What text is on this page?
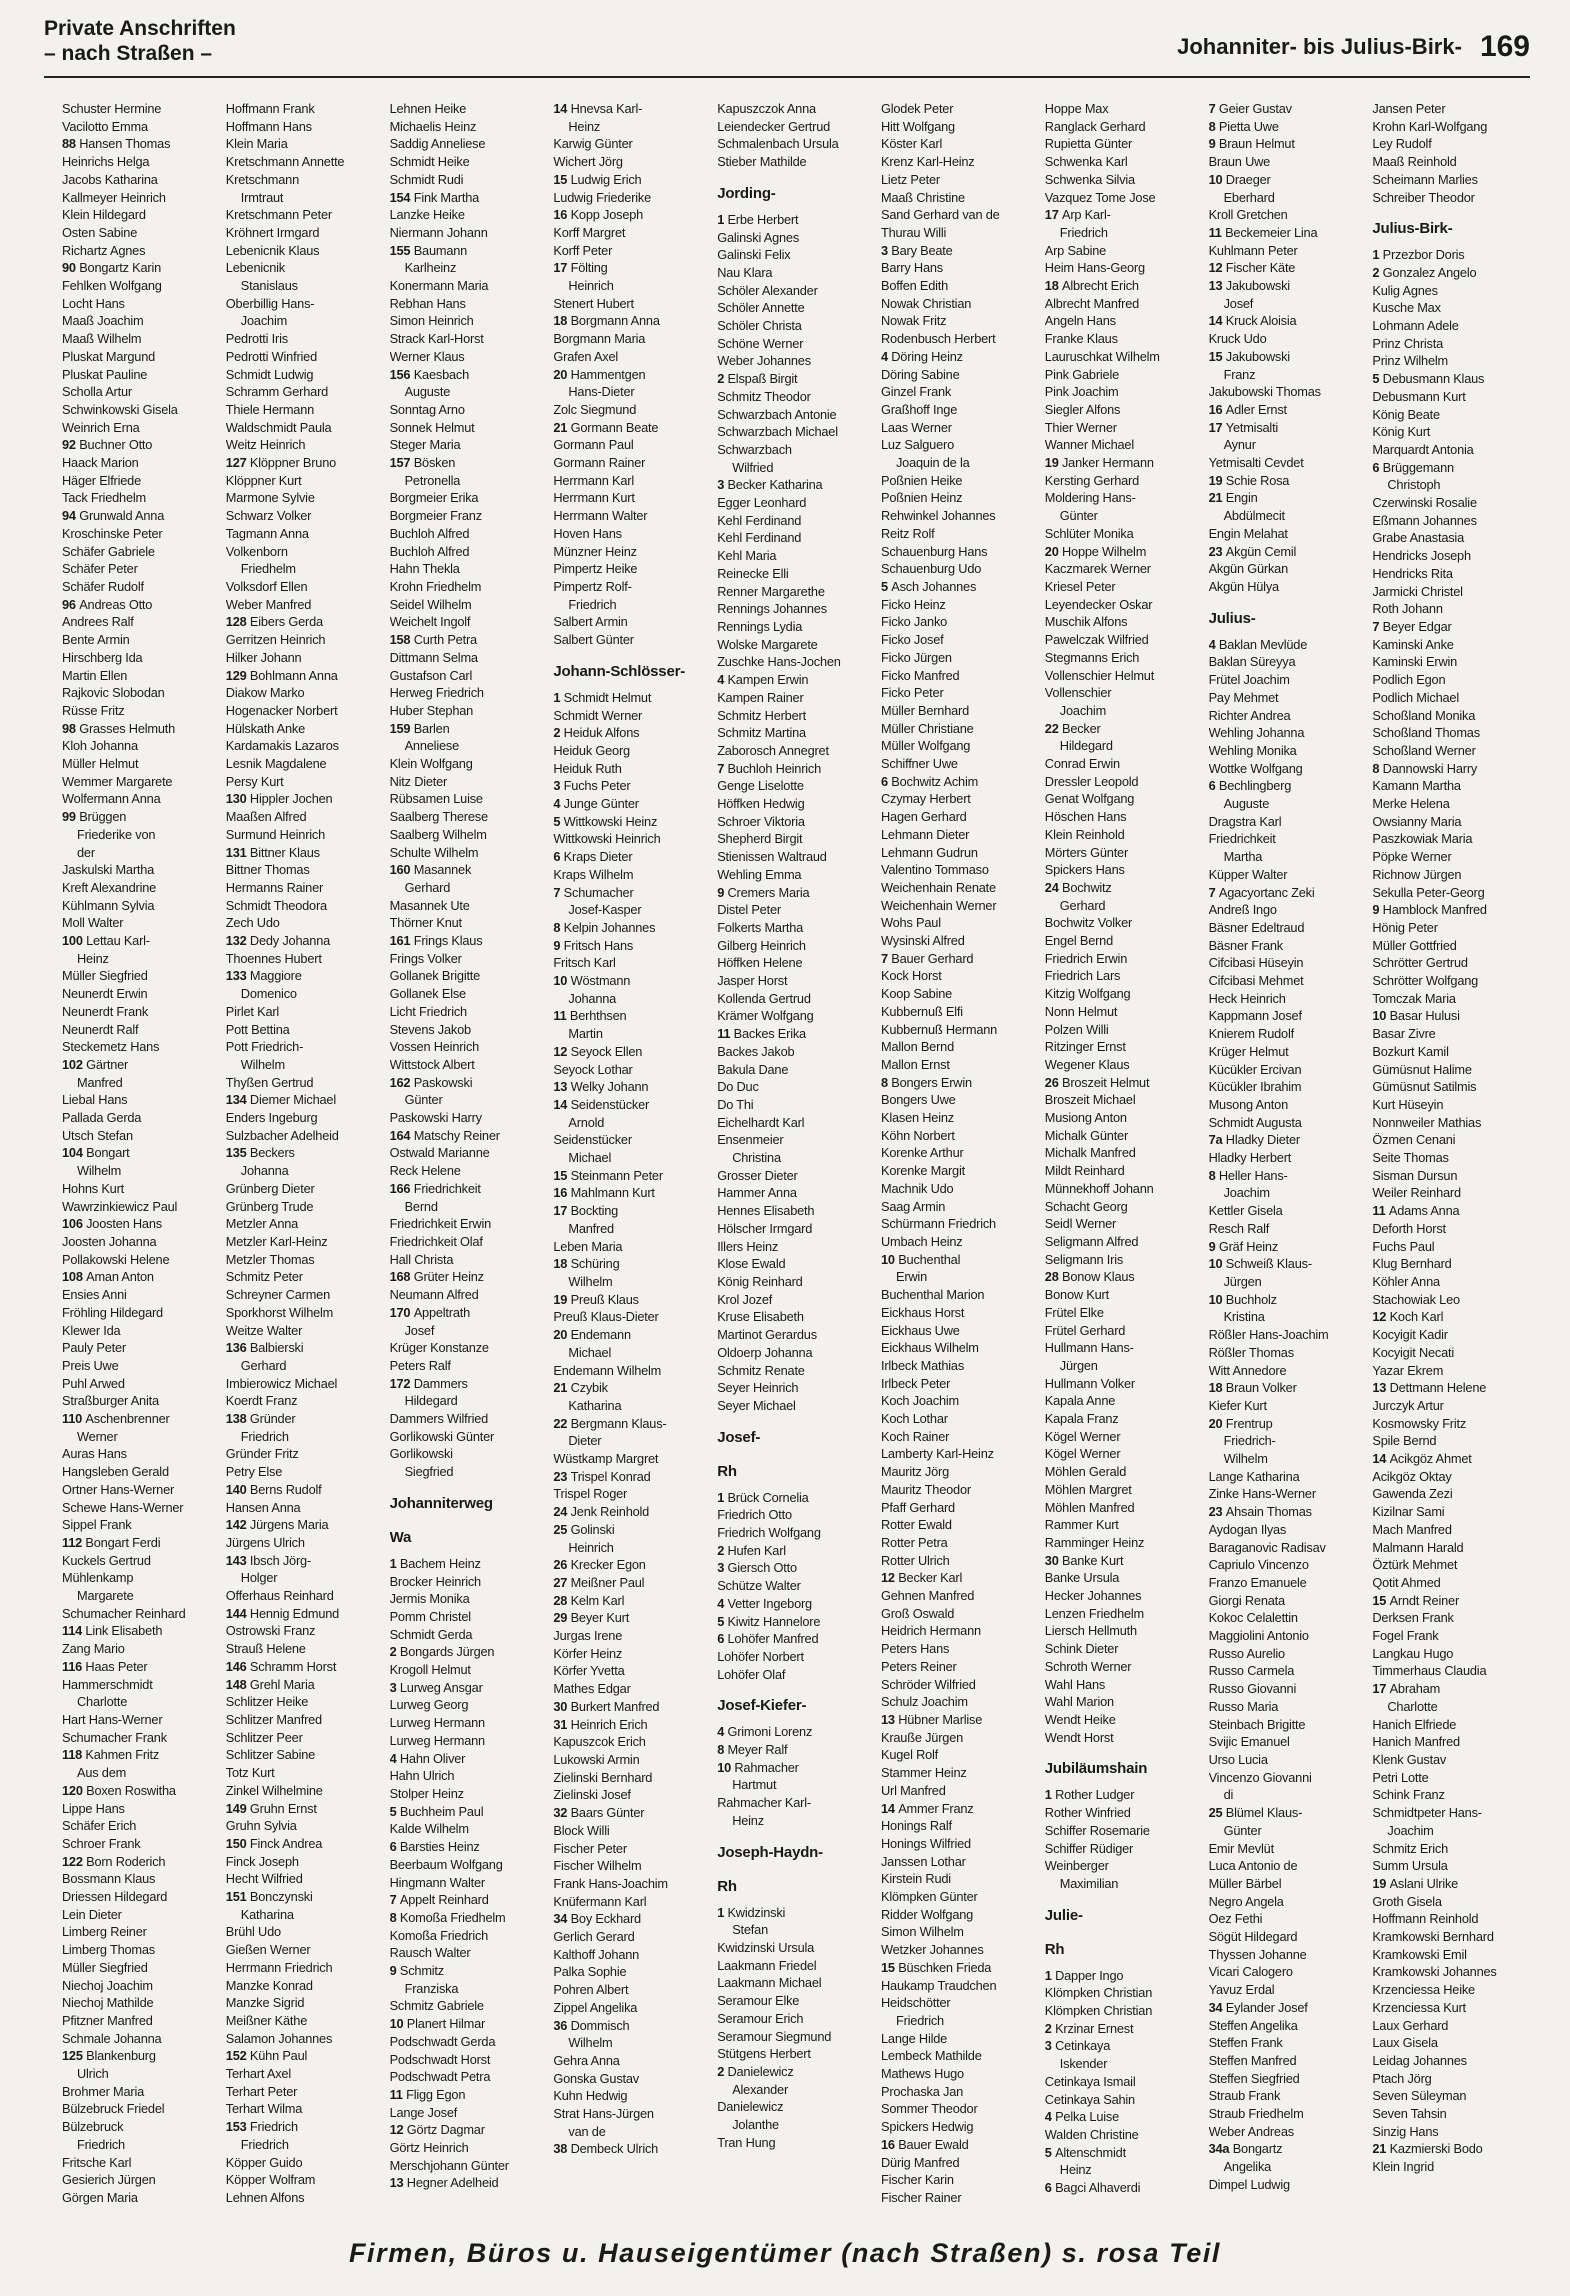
Private Anschriften
– nach Straßen –	Johanniter- bis Julius-Birk- 169
Schuster Hermine
Vacilotto Emma
88 Hansen Thomas
Heinrichs Helga
Jacobs Katharina
Kallmeyer Heinrich
Klein Hildegard
Osten Sabine
Richartz Agnes
90 Bongartz Karin
Fehlken Wolfgang
Locht Hans
Maaß Joachim
Maaß Wilhelm
Pluskat Margund
Pluskat Pauline
Scholla Artur
Schwinkowski Gisela
Weinrich Erna
92 Buchner Otto
Haack Marion
Häger Elfriede
Tack Friedhelm
94 Grunwald Anna
Kroschinske Peter
Schäfer Gabriele
Schäfer Peter
Schäfer Rudolf
96 Andreas Otto
Andrees Ralf
Bente Armin
Hirschberg Ida
Martin Ellen
Rajkovic Slobodan
Rüsse Fritz
98 Grasses Helmuth
Kloh Johanna
Müller Helmut
Wemmer Margarete
Wolfermann Anna
99 Brüggen
Friederike von
der
Jaskulski Martha
Kreft Alexandrine
Kühlmann Sylvia
Moll Walter
100 Lettau Karl-
Heinz
Müller Siegfried
Neunerdt Erwin
Neunerdt Frank
Neunerdt Ralf
Steckemetz Hans
102 Gärtner
Manfred
Liebal Hans
Palladа Gerda
Utsch Stefan
104 Bongart
Wilhelm
Hohns Kurt
Wawrzinkiewicz Paul
106 Joosten Hans
Joosten Johanna
Pollakowski Helene
108 Aman Anton
Ensies Anni
Fröhling Hildegard
Klewer Ida
Pauly Peter
Preis Uwe
Puhl Arwed
Straßburger Anita
110 Aschenbrenner
Werner
Auras Hans
Hangsleben Gerald
Ortner Hans-Werner
Schewe Hans-Werner
Sippel Frank
112 Bongart Ferdi
Kuckels Gertrud
Mühlenkamp
Margarete
Schumacher Reinhard
114 Link Elisabeth
Zang Mario
116 Haas Peter
Hammerschmidt
Charlotte
Hart Hans-Werner
Schumacher Frank
118 Kahmen Fritz
Aus dem
120 Boxen Roswitha
Lippe Hans
Schäfer Erich
Schroer Frank
122 Born Roderich
Bossmann Klaus
Driessen Hildegard
Lein Dieter
Limberg Reiner
Limberg Thomas
Müller Siegfried
Niechoj Joachim
Niechoj Mathilde
Pfitzner Manfred
Schmale Johanna
125 Blankenburg
Ulrich
Brohmer Maria
Bülzebruck Friedel
Bülzebruck
Friedrich
Fritsche Karl
Gesierich Jürgen
Görgen Maria
Hoffmann Frank
Hoffmann Hans
Klein Maria
Kretschmann Annette
Kretschmann
Irmtraut
Kretschmann Peter
Kröhnert Irmgard
Lebenicnik Klaus
Lebenicnik
Stanislaus
Oberbillig Hans-
Joachim
Pedrotti Iris
Pedrotti Winfried
Schmidt Ludwig
Schramm Gerhard
Thiele Hermann
Waldschmidt Paula
Weitz Heinrich
127 Klöppner Bruno
Klöppner Kurt
Marmone Sylvie
Schwarz Volker
Tagmann Anna
Volkenborn
Friedhelm
Volksdorf Ellen
Weber Manfred
128 Eibers Gerda
Gerritzen Heinrich
Hilker Johann
129 Bohlmann Anna
Diakow Marko
Hogenacker Norbert
Hülskath Anke
Kardamakis Lazaros
Lesnik Magdalene
Persy Kurt
130 Hippler Jochen
Maaßen Alfred
Surmund Heinrich
131 Bittner Klaus
Bittner Thomas
Hermanns Rainer
Schmidt Theodora
Zech Udo
132 Dedy Johanna
Thoennes Hubert
133 Maggiore
Domenico
Pirlet Karl
Pott Bettina
Pott Friedrich-
Wilhelm
Thyßen Gertrud
134 Diemer Michael
Enders Ingeburg
Sulzbacher Adelheid
135 Beckers
Johanna
Grünberg Dieter
Grünberg Trude
Metzler Anna
Metzler Karl-Heinz
Metzler Thomas
Schmitz Peter
Schreyner Carmen
Sporkhorst Wilhelm
Weitze Walter
136 Balbierski
Gerhard
Imbierowicz Michael
Koerdt Franz
138 Gründer
Friedrich
Gründer Fritz
Petry Else
140 Berns Rudolf
Hansen Anna
142 Jürgens Maria
Jürgens Ulrich
143 Ibsch Jörg-
Holger
Offerhaus Reinhard
144 Hennig Edmund
Ostrowski Franz
Strauß Helene
146 Schramm Horst
148 Grehl Maria
Schlitzer Heike
Schlitzer Manfred
Schlitzer Peer
Schlitzer Sabine
Totz Kurt
Zinkel Wilhelmine
149 Gruhn Ernst
Gruhn Sylvia
150 Finck Andrea
Finck Joseph
Hecht Wilfried
151 Bonczynski
Katharina
Brühl Udo
Gießen Werner
Herrmann Friedrich
Manzke Konrad
Manzke Sigrid
Meißner Käthe
Salamon Johannes
152 Kühn Paul
Terhart Axel
Terhart Peter
Terhart Wilma
153 Friedrich
Friedrich
Köpper Guido
Köpper Wolfram
Lehnen Alfons
Lehnen Heike
Michaelis Heinz
Saddig Anneliese
Schmidt Heike
Schmidt Rudi
154 Fink Martha
Lanzke Heike
Niermann Johann
155 Baumann
Karlheinz
Konermann Maria
Rebhan Hans
Simon Heinrich
Strack Karl-Horst
Werner Klaus
156 Kaesbach
Auguste
Sonntag Arno
Sonnek Helmut
Steger Maria
157 Bösken
Petronella
Borgmeier Erika
Borgmeier Franz
Buchloh Alfred
Buchloh Alfred
Hahn Thekla
Krohn Friedhelm
Seidel Wilhelm
Weichelt Ingolf
158 Curth Petra
Dittmann Selma
Gustafson Carl
Herweg Friedrich
Huber Stephan
159 Barlen
Anneliese
Klein Wolfgang
Nitz Dieter
Rübsamen Luise
Saalberg Therese
Saalberg Wilhelm
Schulte Wilhelm
160 Masannek
Gerhard
Masannek Ute
Thörner Knut
161 Frings Klaus
Frings Volker
Gollanek Brigitte
Gollanek Else
Licht Friedrich
Stevens Jakob
Vossen Heinrich
Wittstock Albert
162 Paskowski
Günter
Paskowski Harry
164 Matschy Reiner
Ostwald Marianne
Reck Helene
166 Friedrichkeit
Bernd
Friedrichkeit Erwin
Friedrichkeit Olaf
Hall Christa
168 Grüter Heinz
Neumann Alfred
170 Appeltrath
Josef
Krüger Konstanze
Peters Ralf
172 Dammers
Hildegard
Dammers Wilfried
Gorlikowski Günter
Gorlikowski
Siegfried
Johanniterweg
Wa
1 Bachem Heinz
Brocker Heinrich
Jermis Monika
Pomm Christel
Schmidt Gerda
2 Bongards Jürgen
Krogoll Helmut
3 Lurweg Ansgar
Lurweg Georg
Lurweg Hermann
Lurweg Hermann
4 Hahn Oliver
Hahn Ulrich
Stolper Heinz
5 Buchheim Paul
Kalde Wilhelm
6 Barsties Heinz
Beerbaum Wolfgang
Hingmann Walter
7 Appelt Reinhard
8 Komoßa Friedhelm
Komoßa Friedrich
Rausch Walter
9 Schmitz
Franziska
Schmitz Gabriele
10 Planert Hilmar
Podschwadt Gerda
Podschwadt Horst
Podschwadt Petra
11 Fligg Egon
Lange Josef
12 Görtz Dagmar
Görtz Heinrich
Merschjohann Günter
13 Hegner Adelheid
14 Hnevsa Karl-
Heinz
Karwig Günter
Wichert Jörg
15 Ludwig Erich
Ludwig Friederike
16 Kopp Joseph
Korff Margret
Korff Peter
17 Fölting
Heinrich
Stenert Hubert
18 Borgmann Anna
Borgmann Maria
Grafen Axel
20 Hammentgen
Hans-Dieter
Zolc Siegmund
21 Gormann Beate
Gormann Paul
Gormann Rainer
Herrmann Karl
Herrmann Kurt
Herrmann Walter
Hoven Hans
Münzner Heinz
Pimpertz Heike
Pimpertz Rolf-
Friedrich
Salbert Armin
Salbert Günter
Johann-Schlösser-
1 Schmidt Helmut
Schmidt Werner
2 Heiduk Alfons
Heiduk Georg
Heiduk Ruth
3 Fuchs Peter
4 Junge Günter
5 Wittkowski Heinz
Wittkowski Heinrich
6 Kraps Dieter
Kraps Wilhelm
7 Schumacher
Josef-Kasper
8 Kelpin Johannes
9 Fritsch Hans
Fritsch Karl
10 Wöstmann
Johanna
11 Berhthsen
Martin
12 Seyock Ellen
Seyock Lothar
13 Welky Johann
14 Seidenstücker
Arnold
Seidenstücker
Michael
15 Steinmann Peter
16 Mahlmann Kurt
17 Bockting
Manfred
Leben Maria
18 Schüring
Wilhelm
19 Preuß Klaus
Preuß Klaus-Dieter
20 Endemann
Michael
Endemann Wilhelm
21 Czybik
Katharina
22 Bergmann Klaus-
Dieter
Wüstkamp Margret
23 Trispel Konrad
Trispel Roger
24 Jenk Reinhold
25 Golinski
Heinrich
26 Krecker Egon
27 Meißner Paul
28 Kelm Karl
29 Beyer Kurt
Jurgas Irene
Körfer Heinz
Körfer Yvetta
Mathes Edgar
30 Burkert Manfred
31 Heinrich Erich
Kapuszcok Erich
Lukowski Armin
Zielinski Bernhard
Zielinski Josef
32 Baars Günter
Block Willi
Fischer Peter
Fischer Wilhelm
Frank Hans-Joachim
Knüfermann Karl
34 Boy Eckhard
Gerlich Gerard
Kalthoff Johann
Palka Sophie
Pohren Albert
Zippel Angelika
36 Dommisch
Wilhelm
Gehra Anna
Gonska Gustav
Kuhn Hedwig
Strat Hans-Jürgen
van de
38 Dembeck Ulrich
Kapuszczok Anna
Leiendecker Gertrud
Schmalenbach Ursula
Stieber Mathilde
Jording-
1 Erbe Herbert
Galinski Agnes
Galinski Felix
Nau Klara
Schöler Alexander
Schöler Annette
Schöler Christa
Schöne Werner
Weber Johannes
2 Elspaß Birgit
Schmitz Theodor
Schwarzbach Antonie
Schwarzbach Michael
Schwarzbach
Wilfried
3 Becker Katharina
Egger Leonhard
Kehl Ferdinand
Kehl Ferdinand
Kehl Maria
Reinecke Elli
Renner Margarethe
Rennings Johannes
Rennings Lydia
Wolske Margarete
Zuschke Hans-Jochen
4 Kampen Erwin
Kampen Rainer
Schmitz Herbert
Schmitz Martina
Zaborosch Annegret
7 Buchloh Heinrich
Genge Liselotte
Höffken Hedwig
Schroer Viktoria
Shepherd Birgit
Stienissen Waltraud
Wehling Emma
9 Cremers Maria
Distel Peter
Folkerts Martha
Gilberg Heinrich
Höffken Helene
Jasper Horst
Kollenda Gertrud
Krämer Wolfgang
11 Backes Erika
Backes Jakob
Bakula Dane
Do Duc
Do Thi
Eichelhardt Karl
Ensenmeier
Christina
Grosser Dieter
Hammer Anna
Hennes Elisabeth
Hölscher Irmgard
Illers Heinz
Klose Ewald
König Reinhard
Krol Jozef
Kruse Elisabeth
Martinot Gerardus
Oldoerp Johanna
Schmitz Renate
Seyer Heinrich
Seyer Michael
Josef-
Rh
1 Brück Cornelia
Friedrich Otto
Friedrich Wolfgang
2 Hufen Karl
3 Giersch Otto
Schütze Walter
4 Vetter Ingeborg
5 Kiwitz Hannelore
6 Lohöfer Manfred
Lohöfer Norbert
Lohöfer Olaf
Josef-Kiefer-
4 Grimoni Lorenz
8 Meyer Ralf
10 Rahmacher
Hartmut
Rahmacher Karl-
Heinz
Joseph-Haydn-
Rh
1 Kwidzinski
Stefan
Kwidzinski Ursula
Laakmann Friedel
Laakmann Michael
Seramour Elke
Seramour Erich
Seramour Siegmund
Stütgens Herbert
2 Danielewicz
Alexander
Danielewicz
Jolanthe
Tran Hung
Glodek Peter
Hitt Wolfgang
Köster Karl
Krenz Karl-Heinz
Lietz Peter
Maaß Christine
Sand Gerhard van de
Thurau Willi
3 Bary Beate
Barry Hans
Boffen Edith
Nowak Christian
Nowak Fritz
Rodenbusch Herbert
4 Döring Heinz
Döring Sabine
Ginzel Frank
Graßhoff Inge
Laas Werner
Luz Salguero
Joaquin de la
Poßnien Heike
Poßnien Heinz
Rehwinkel Johannes
Reitz Rolf
Schauenburg Hans
Schauenburg Udo
5 Asch Johannes
Ficko Heinz
Ficko Janko
Ficko Josef
Ficko Jürgen
Ficko Manfred
Ficko Peter
Müller Bernhard
Müller Christiane
Müller Wolfgang
Schiffner Uwe
6 Bochwitz Achim
Czymay Herbert
Hagen Gerhard
Lehmann Dieter
Lehmann Gudrun
Valentino Tommaso
Weichenhain Renate
Weichenhain Werner
Wohs Paul
Wysinski Alfred
7 Bauer Gerhard
Kock Horst
Koop Sabine
Kubbernuß Elfi
Kubbernuß Hermann
Mallon Bernd
Mallon Ernst
8 Bongers Erwin
Bongers Uwe
Klasen Heinz
Köhn Norbert
Korenke Arthur
Korenke Margit
Machnik Udo
Saag Armin
Schürmann Friedrich
Umbach Heinz
10 Buchenthal
Erwin
Buchenthal Marion
Eickhaus Horst
Eickhaus Uwe
Eickhaus Wilhelm
Irlbeck Mathias
Irlbeck Peter
Koch Joachim
Koch Lothar
Koch Rainer
Lamberty Karl-Heinz
Mauritz Jörg
Mauritz Theodor
Pfaff Gerhard
Rotter Ewald
Rotter Petra
Rotter Ulrich
12 Becker Karl
Gehnen Manfred
Groß Oswald
Heidrich Hermann
Peters Hans
Peters Reiner
Schröder Wilfried
Schulz Joachim
13 Hübner Marlise
Krauße Jürgen
Kugel Rolf
Stammer Heinz
Url Manfred
14 Ammer Franz
Honings Ralf
Honings Wilfried
Janssen Lothar
Kirstein Rudi
Klömpken Günter
Ridder Wolfgang
Simon Wilhelm
Wetzker Johannes
15 Büschken Frieda
Haukamp Traudchen
Heidschötter
Friedrich
Lange Hilde
Lembeck Mathilde
Mathews Hugo
Prochaska Jan
Sommer Theodor
Spickers Hedwig
16 Bauer Ewald
Dürig Manfred
Fischer Karin
Fischer Rainer
Hoppe Max
Ranglack Gerhard
Rupietta Günter
Schwenka Karl
Schwenka Silvia
Vazquez Tome Jose
17 Arp Karl-
Friedrich
Arp Sabine
Heim Hans-Georg
18 Albrecht Erich
Albrecht Manfred
Angeln Hans
Franke Klaus
Lauruschkat Wilhelm
Pink Gabriele
Pink Joachim
Siegler Alfons
Thier Werner
Wanner Michael
19 Janker Hermann
Kersting Gerhard
Moldering Hans-
Günter
Schlüter Monika
20 Hoppe Wilhelm
Kaczmarek Werner
Kriesel Peter
Leyendecker Oskar
Muschik Alfons
Pawelczak Wilfried
Stegmanns Erich
Vollenschier Helmut
Vollenschier
Joachim
22 Becker
Hildegard
Conrad Erwin
Dressler Leopold
Genat Wolfgang
Höschen Hans
Klein Reinhold
Mörters Günter
Spickers Hans
24 Bochwitz
Gerhard
Bochwitz Volker
Engel Bernd
Friedrich Erwin
Friedrich Lars
Kitzig Wolfgang
Nonn Helmut
Polzen Willi
Ritzinger Ernst
Wegener Klaus
26 Broszeit Helmut
Broszeit Michael
Musiong Anton
Michalk Günter
Michalk Manfred
Mildt Reinhard
Münnekhoff Johann
Schacht Georg
Seidl Werner
Seligmann Alfred
Seligmann Iris
28 Bonow Klaus
Bonow Kurt
Frütel Elke
Frütel Gerhard
Hullmann Hans-
Jürgen
Hullmann Volker
Kapala Anne
Kapala Franz
Kögel Werner
Kögel Werner
Möhlen Gerald
Möhlen Margret
Möhlen Manfred
Rammer Kurt
Ramminger Heinz
30 Banke Kurt
Banke Ursula
Hecker Johannes
Lenzen Friedhelm
Liersch Hellmuth
Schink Dieter
Schroth Werner
Wahl Hans
Wahl Marion
Wendt Heike
Wendt Horst
Jubiläumshain
1 Rother Ludger
Rother Winfried
Schiffer Rosemarie
Schiffer Rüdiger
Weinberger
Maximilian
Julie-
Rh
1 Dapper Ingo
Klömpken Christian
Klömpken Christian
2 Krzinar Ernest
3 Cetinkaya
Iskender
Cetinkaya Ismail
Cetinkaya Sahin
4 Pelka Luise
Walden Christine
5 Altenschmidt
Heinz
6 Bagci Alhaverdi
7 Geier Gustav
8 Pietta Uwe
9 Braun Helmut
Braun Uwe
10 Draeger
Eberhard
Kroll Gretchen
11 Beckemeier Lina
Kuhlmann Peter
12 Fischer Käte
13 Jakubowski
Josef
14 Kruck Aloisia
Kruck Udo
15 Jakubowski
Franz
Jakubowski Thomas
16 Adler Ernst
17 Yetmisalti
Aynur
Yetmisalti Cevdet
19 Schie Rosa
21 Engin
Abdülmecit
Engin Melahat
23 Akgün Cemil
Akgün Gürkan
Akgün Hülya
Julius-
4 Baklan Mevlüde
Baklan Süreyya
Frütel Joachim
Pay Mehmet
Richter Andrea
Wehling Johanna
Wehling Monika
Wottke Wolfgang
6 Bechlingberg
Auguste
Dragstra Karl
Friedrichkeit
Martha
Küpper Walter
7 Agacyortanc Zeki
Andreß Ingo
Bäsner Edeltraud
Bäsner Frank
Cifcibasi Hüseyin
Cifcibasi Mehmet
Heck Heinrich
Kappmann Josef
Knierem Rudolf
Krüger Helmut
Kücükler Ercivan
Kücükler Ibrahim
Musong Anton
Schmidt Augusta
7a Hladky Dieter
Hladky Herbert
8 Heller Hans-
Joachim
Kettler Gisela
Resch Ralf
9 Gräf Heinz
10 Schweiß Klaus-
Jürgen
10 Buchholz
Kristina
Rößler Hans-Joachim
Rößler Thomas
Witt Annedore
18 Braun Volker
Kiefer Kurt
20 Frentrup
Friedrich-
Wilhelm
Lange Katharina
Zinke Hans-Werner
23 Ahsain Thomas
Aydogan Ilyas
Baraganovic Radisav
Capriulo Vincenzo
Franzo Emanuele
Giorgi Renata
Kokoc Celalettin
Maggiolini Antonio
Russo Aurelio
Russo Carmela
Russo Giovanni
Russo Maria
Steinbach Brigitte
Svijic Emanuel
Urso Lucia
Vincenzo Giovanni
di
25 Blümel Klaus-
Günter
Emir Mevlüt
Luca Antonio de
Müller Bärbel
Negro Angela
Oez Fethi
Sögüt Hildegard
Thyssen Johanne
Vicari Calogero
Yavuz Erdal
34 Eylander Josef
Steffen Angelika
Steffen Frank
Steffen Manfred
Steffen Siegfried
Straub Frank
Straub Friedhelm
Weber Andreas
34a Bongartz
Angelika
Dimpel Ludwig
Jansen Peter
Krohn Karl-Wolfgang
Ley Rudolf
Maaß Reinhold
Scheimann Marlies
Schreiber Theodor
Julius-Birk-
1 Przezbor Doris
2 Gonzalez Angelo
Kulig Agnes
Kusche Max
Lohmann Adele
Prinz Christa
Prinz Wilhelm
5 Debusmann Klaus
Debusmann Kurt
König Beate
König Kurt
Marquardt Antonia
6 Brüggemann
Christoph
Czerwinski Rosalie
Eßmann Johannes
Grabe Anastasia
Hendricks Joseph
Hendricks Rita
Jarmicki Christel
Roth Johann
7 Beyer Edgar
Kaminski Anke
Kaminski Erwin
Podlich Egon
Podlich Michael
Schoßland Monika
Schoßland Thomas
Schoßland Werner
8 Dannowski Harry
Kamann Martha
Merke Helena
Owsianny Maria
Paszkowiak Maria
Pöpke Werner
Richnow Jürgen
Sekulla Peter-Georg
9 Hamblock Manfred
Hönig Peter
Müller Gottfried
Schrötter Gertrud
Schrötter Wolfgang
Tomczak Maria
10 Basar Hulusi
Basar Zivre
Bozkurt Kamil
Gümüsnut Halime
Gümüsnut Satilmis
Kurt Hüseyin
Nonnweiler Mathias
Özmen Cenani
Seite Thomas
Sisman Dursun
Weiler Reinhard
11 Adams Anna
Deforth Horst
Fuchs Paul
Klug Bernhard
Köhler Anna
Stachowiak Leo
12 Koch Karl
Kocyigit Kadir
Kocyigit Necati
Yazar Ekrem
13 Dettmann Helene
Jurczyk Artur
Kosmowsky Fritz
Spile Bernd
14 Acikgöz Ahmet
Acikgöz Oktay
Gawenda Zezi
Kizilnar Sami
Mach Manfred
Malmann Harald
Öztürk Mehmet
Qotit Ahmed
15 Arndt Reiner
Derksen Frank
Fogel Frank
Langkau Hugo
Timmerhaus Claudia
17 Abraham
Charlotte
Hanich Elfriede
Hanich Manfred
Klenk Gustav
Petri Lotte
Schink Franz
Schmidtpeter Hans-
Joachim
Schmitz Erich
Summ Ursula
19 Aslani Ulrike
Groth Gisela
Hoffmann Reinhold
Kramkowski Bernhard
Kramkowski Emil
Kramkowski Johannes
Krzenciessa Heike
Krzenciessa Kurt
Laux Gerhard
Laux Gisela
Leidag Johannes
Ptach Jörg
Seven Süleyman
Seven Tahsin
Sinzig Hans
21 Kazmierski Bodo
Klein Ingrid
Firmen, Büros u. Hauseigentümer (nach Straßen) s. rosa Teil
